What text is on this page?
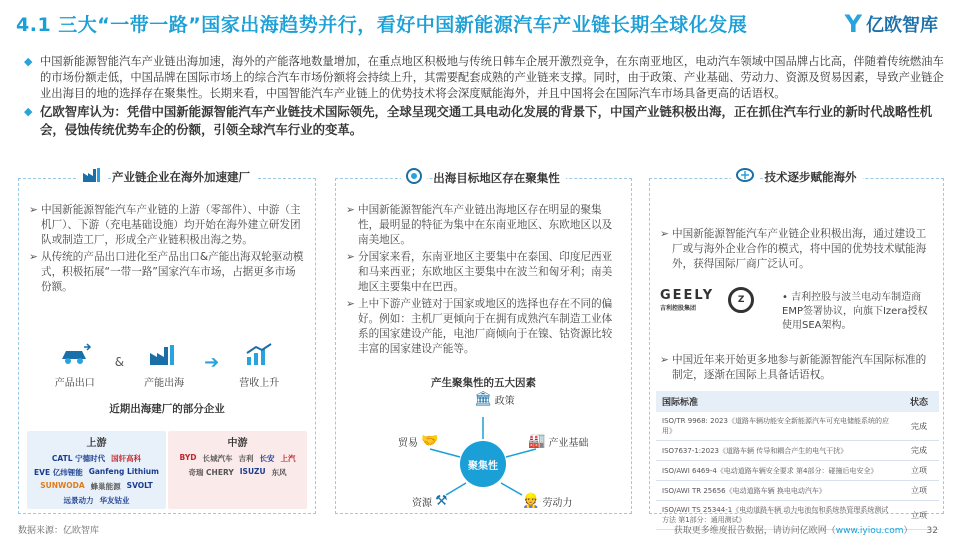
4.1 三大“一带一路”国家出海趋势并行，看好中国新能源汽车产业链长期全球化发展	Y 亿欧智库
◆ 中国新能源智能汽车产业链出海加速，海外的产能落地数量增加，在重点地区积极地与传统日韩车企展开激烈竞争，在东南亚地区，电动汽车领域中国品牌占比高，伴随着传统燃油车的市场份额走低，中国品牌在国际市场上的综合汽车市场份额将会持续上升，其需要配套成熟的产业链来支撑。同时，由于政策、产业基础、劳动力、资源及贸易因素，导致产业链企业出海目的地的选择存在聚集性。长期来看，中国智能汽车产业链上的优势技术将会深度赋能海外，并且中国将会在国际汽车市场具备更高的话语权。
◆ 亿欧智库认为：凭借中国新能源智能汽车产业链技术国际领先，全球呈现交通工具电动化发展的背景下，中国产业链积极出海，正在抓住汽车行业的新时代战略性机会，侵蚀传统优势车企的份额，引领全球汽车行业的变革。
产业链企业在海外加速建厂
➢ 中国新能源智能汽车产业链的上游（零部件）、中游（主机厂）、下游（充电基础设施）均开始在海外建立研发团队或制造工厂，形成全产业链积极出海之势。
➢ 从传统的产品出口进化至产品出口&产能出海双轮驱动模式，积极拓展“一带一路”国家汽车市场，占据更多市场份额。
产品出口
&
产能出海
➔
营收上升
近期出海建厂的部分企业
上游
CATL 宁德时代 国轩高科
EVE 亿纬锂能 Ganfeng Lithium
SUNWODA 蜂巢能源 SVOLT
远景动力 华友钴业
中游
BYD 长城汽车 吉利 长安 上汽
奇瑞 CHERY ISUZU 东风
出海目标地区存在聚集性
➢ 中国新能源智能汽车产业链出海地区存在明显的聚集性，最明显的特征为集中在东南亚地区、东欧地区以及南美地区。
➢ 分国家来看，东南亚地区主要集中在泰国、印度尼西亚和马来西亚；东欧地区主要集中在波兰和匈牙利；南美地区主要集中在巴西。
➢ 上中下游产业链对于国家或地区的选择也存在不同的偏好。例如：主机厂更倾向于在拥有成熟汽车制造工业体系的国家建设产能，电池厂商倾向于在镍、钴资源比较丰富的国家建设产能等。
产生聚集性的五大因素
聚集性
🏛 政策
🏭 产业基础
👷 劳动力
资源 ⚒
贸易 🤝
技术逐步赋能海外
➢ 中国新能源智能汽车产业链企业积极出海，通过建设工厂或与海外企业合作的模式，将中国的优势技术赋能海外，获得国际厂商广泛认可。
GEELY
吉利控股集团
Z	• 吉利控股与波兰电动车制造商EMP签署协议，向旗下Izera授权使用SEA架构。
➢ 中国近年来开始更多地参与新能源智能汽车国际标准的制定，逐渐在国际上具备话语权。
国际标准	状态
ISO/TR 9968: 2023《道路车辆功能安全新能源汽车可充电储能系统的应用》	完成
ISO7637-1:2023《道路车辆 传导和耦合产生的电气干扰》	完成
ISO/AWI 6469-4《电动道路车辆安全要求 第4部分：碰撞后电安全》	立项
ISO/AWI TR 25656《电动道路车辆 换电电动汽车》	立项
ISO/AWI TS 25344-1《电动道路车辆 动力电池包和系统热管理系统测试方法 第1部分：通用测试》	立项
数据来源：亿欧智库	获取更多维度报告数据，请访问亿欧网（www.iyiou.com） 32
